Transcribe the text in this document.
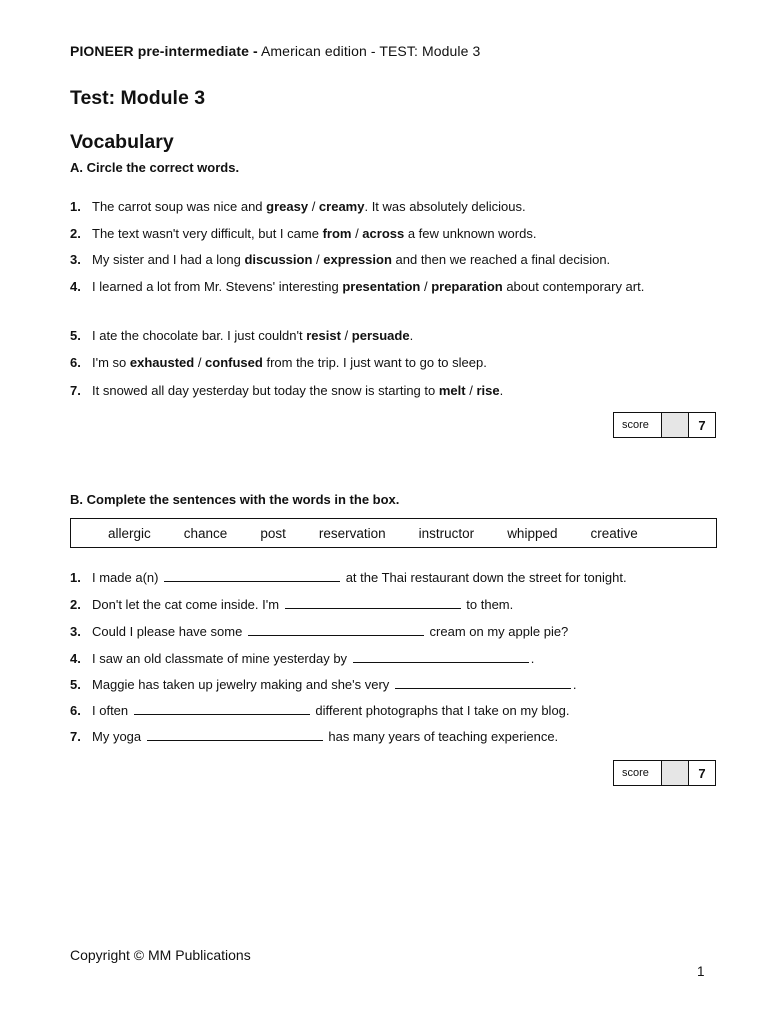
PIONEER pre-intermediate - American edition - TEST: Module 3
Test: Module 3
Vocabulary
A. Circle the correct words.
1. The carrot soup was nice and greasy / creamy. It was absolutely delicious.
2. The text wasn't very difficult, but I came from / across a few unknown words.
3. My sister and I had a long discussion / expression and then we reached a final decision.
4. I learned a lot from Mr. Stevens' interesting presentation / preparation about contemporary art.
5. I ate the chocolate bar. I just couldn't resist / persuade.
6. I'm so exhausted / confused from the trip. I just want to go to sleep.
7. It snowed all day yesterday but today the snow is starting to melt / rise.
score	7
B. Complete the sentences with the words in the box.
allergic chance post reservation instructor whipped creative
1. I made a(n)	at the Thai restaurant down the street for tonight.
2. Don't let the cat come inside. I'm	to them.
3. Could I please have some	cream on my apple pie?
4. I saw an old classmate of mine yesterday by	.
5. Maggie has taken up jewelry making and she's very	.
6. I often	different photographs that I take on my blog.
7. My yoga	has many years of teaching experience.
score	7
Copyright © MM Publications
1
